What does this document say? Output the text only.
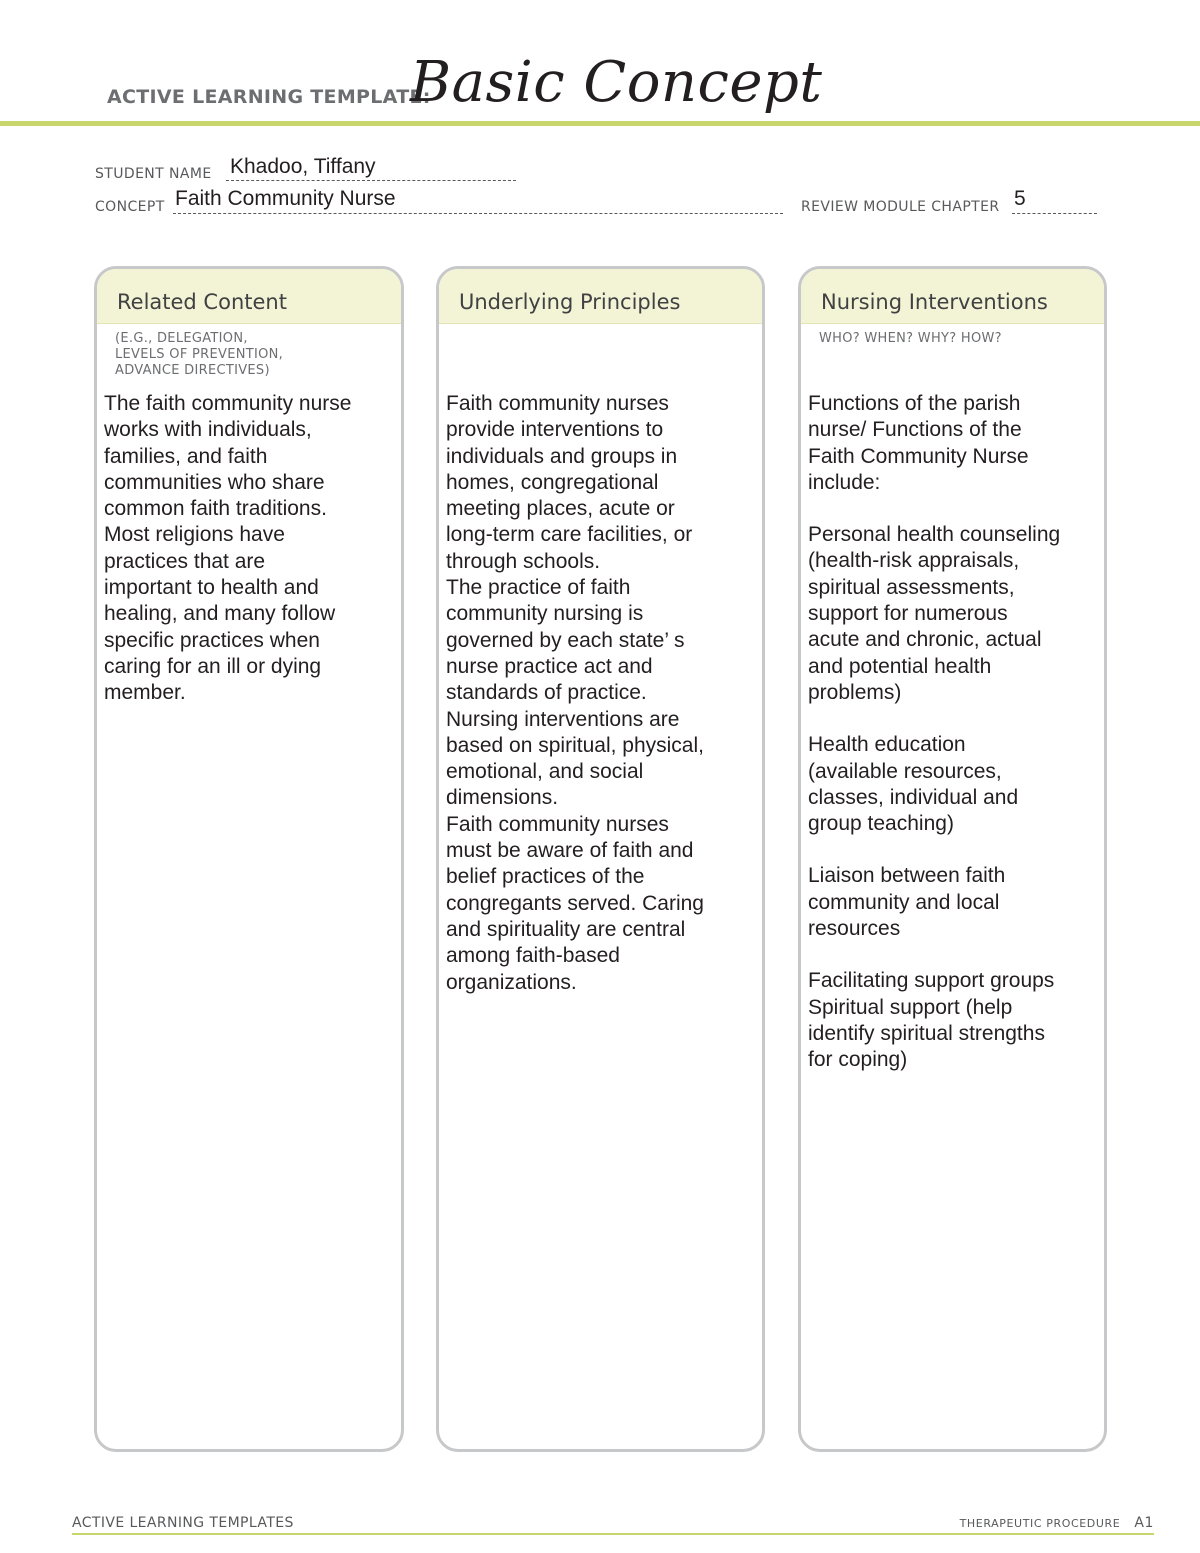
ACTIVE LEARNING TEMPLATE:
Basic Concept
STUDENT NAME Khadoo, Tiffany
CONCEPT Faith Community Nurse	REVIEW MODULE CHAPTER 5
Related Content
(E.G., DELEGATION,
LEVELS OF PREVENTION,
ADVANCE DIRECTIVES)

The faith community nurse
works with individuals,
families, and faith
communities who share
common faith traditions.
Most religions have
practices that are
important to health and
healing, and many follow
specific practices when
caring for an ill or dying
member.

Underlying Principles

Faith community nurses
provide interventions to
individuals and groups in
homes, congregational
meeting places, acute or
long-term care facilities, or
through schools.
The practice of faith
community nursing is
governed by each state’ s
nurse practice act and
standards of practice.
Nursing interventions are
based on spiritual, physical,
emotional, and social
dimensions.
Faith community nurses
must be aware of faith and
belief practices of the
congregants served. Caring
and spirituality are central
among faith-based
organizations.

Nursing Interventions
WHO? WHEN? WHY? HOW?

Functions of the parish
nurse/ Functions of the
Faith Community Nurse
include:

Personal health counseling
(health-risk appraisals,
spiritual assessments,
support for numerous
acute and chronic, actual
and potential health
problems)

Health education
(available resources,
classes, individual and
group teaching)

Liaison between faith
community and local
resources

Facilitating support groups
Spiritual support (help
identify spiritual strengths
for coping)

ACTIVE LEARNING TEMPLATES	THERAPEUTIC PROCEDURE A1
